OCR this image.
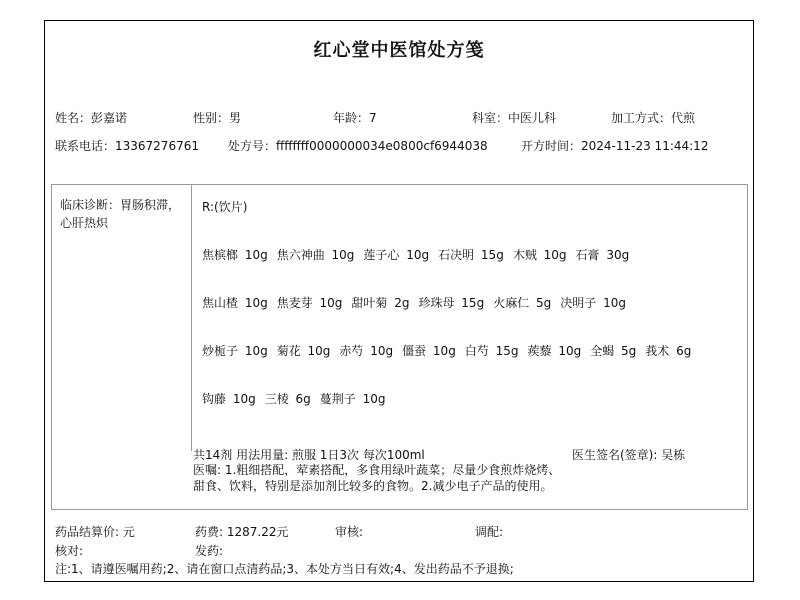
红心堂中医馆处方笺
姓名：彭嘉诺	性别：男	年龄：7	科室：中医儿科	加工方式：代煎
联系电话：13367276761 处方号：ffffffff0000000034e0800cf6944038	开方时间：2024-11-23 11:44:12
临床诊断：胃肠积滞，心肝热炽
R:(饮片)
焦槟榔 10g 焦六神曲 10g 莲子心 10g 石决明 15g 木贼 10g 石膏 30g
焦山楂 10g 焦麦芽 10g 甜叶菊 2g 珍珠母 15g 火麻仁 5g 决明子 10g
炒栀子 10g 菊花 10g 赤芍 10g 僵蚕 10g 白芍 15g 蒺藜 10g 全蝎 5g 莪术 6g
钩藤 10g 三棱 6g 蔓荆子 10g
共14剂 用法用量: 煎服 1日3次 每次100ml	医生签名(签章): 吴栋
医嘱: 1.粗细搭配，荤素搭配，多食用绿叶蔬菜；尽量少食煎炸烧烤、甜食、饮料，特别是添加剂比较多的食物。2.减少电子产品的使用。
药品结算价: 元	药费: 1287.22元	审核:	调配:
核对:	发药:
注:1、请遵医嘱用药;2、请在窗口点清药品;3、本处方当日有效;4、发出药品不予退换;
